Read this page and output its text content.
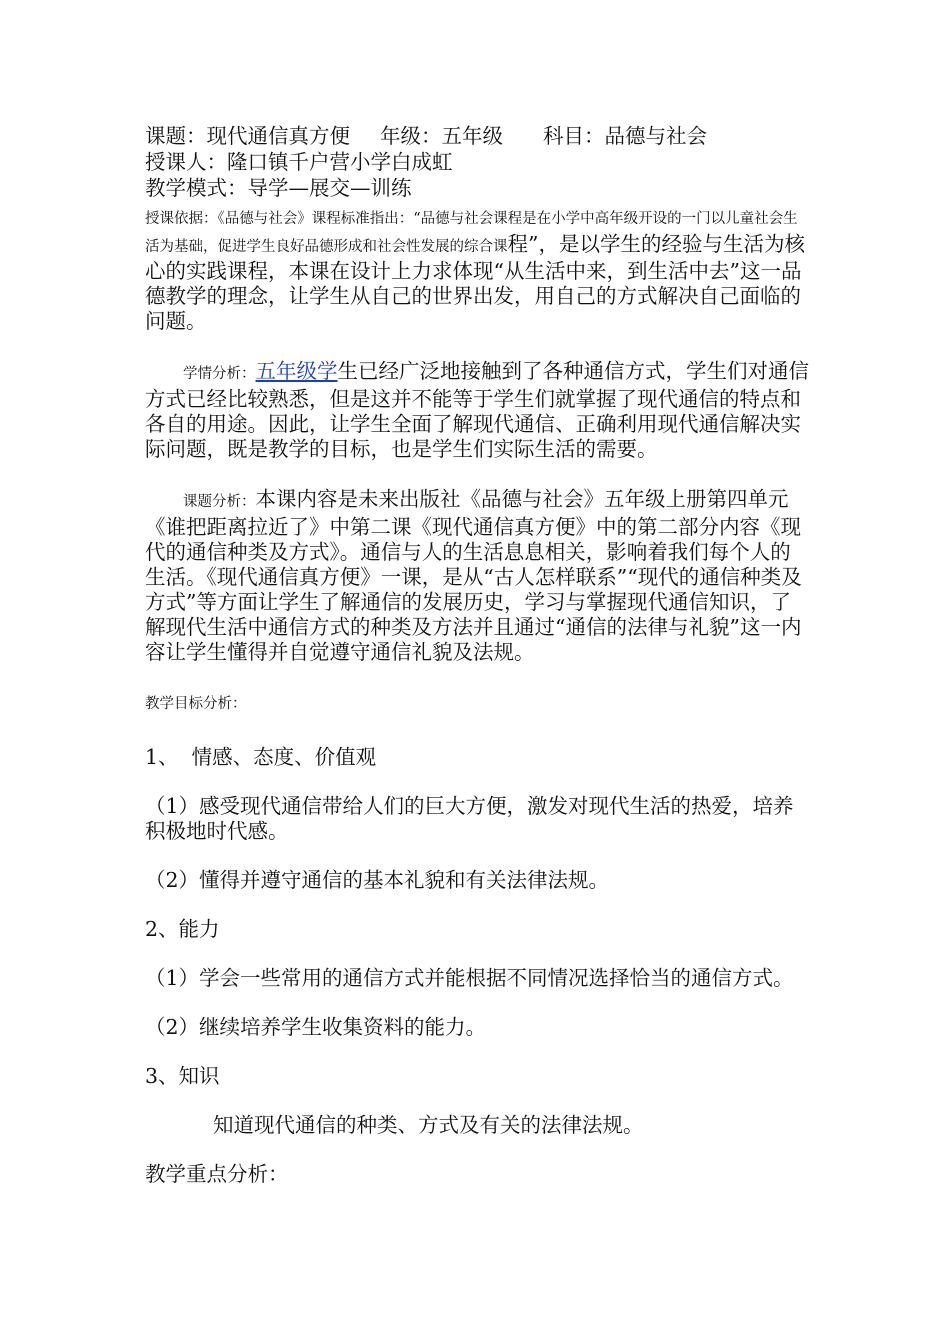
课题：现代通信真方便 年级：五年级 科目：品德与社会
授课人：隆口镇千户营小学白成虹
教学模式：导学—展交—训练

授课依据：《品德与社会》课程标准指出：“品德与社会课程是在小学中高年级开设的一门以儿童社会生活为基础，促进学生良好品德形成和社会性发展的综合课程”，是以学生的经验与生活为核心的实践课程，本课在设计上力求体现“从生活中来，到生活中去”这一品德教学的理念，让学生从自己的世界出发，用自己的方式解决自己面临的问题。

学情分析：五年级学生已经广泛地接触到了各种通信方式，学生们对通信方式已经比较熟悉，但是这并不能等于学生们就掌握了现代通信的特点和各自的用途。因此，让学生全面了解现代通信、正确利用现代通信解决实际问题，既是教学的目标，也是学生们实际生活的需要。

课题分析：本课内容是未来出版社《品德与社会》五年级上册第四单元《谁把距离拉近了》中第二课《现代通信真方便》中的第二部分内容《现代的通信种类及方式》。通信与人的生活息息相关，影响着我们每个人的生活。《现代通信真方便》一课，是从“古人怎样联系”“现代的通信种类及方式”等方面让学生了解通信的发展历史，学习与掌握现代通信知识，了解现代生活中通信方式的种类及方法并且通过“通信的法律与礼貌”这一内容让学生懂得并自觉遵守通信礼貌及法规。

教学目标分析：

1、  情感、态度、价值观

（1）感受现代通信带给人们的巨大方便，激发对现代生活的热爱，培养积极地时代感。

（2）懂得并遵守通信的基本礼貌和有关法律法规。

2、能力

（1）学会一些常用的通信方式并能根据不同情况选择恰当的通信方式。

（2）继续培养学生收集资料的能力。

3、知识

知道现代通信的种类、方式及有关的法律法规。

教学重点分析：
